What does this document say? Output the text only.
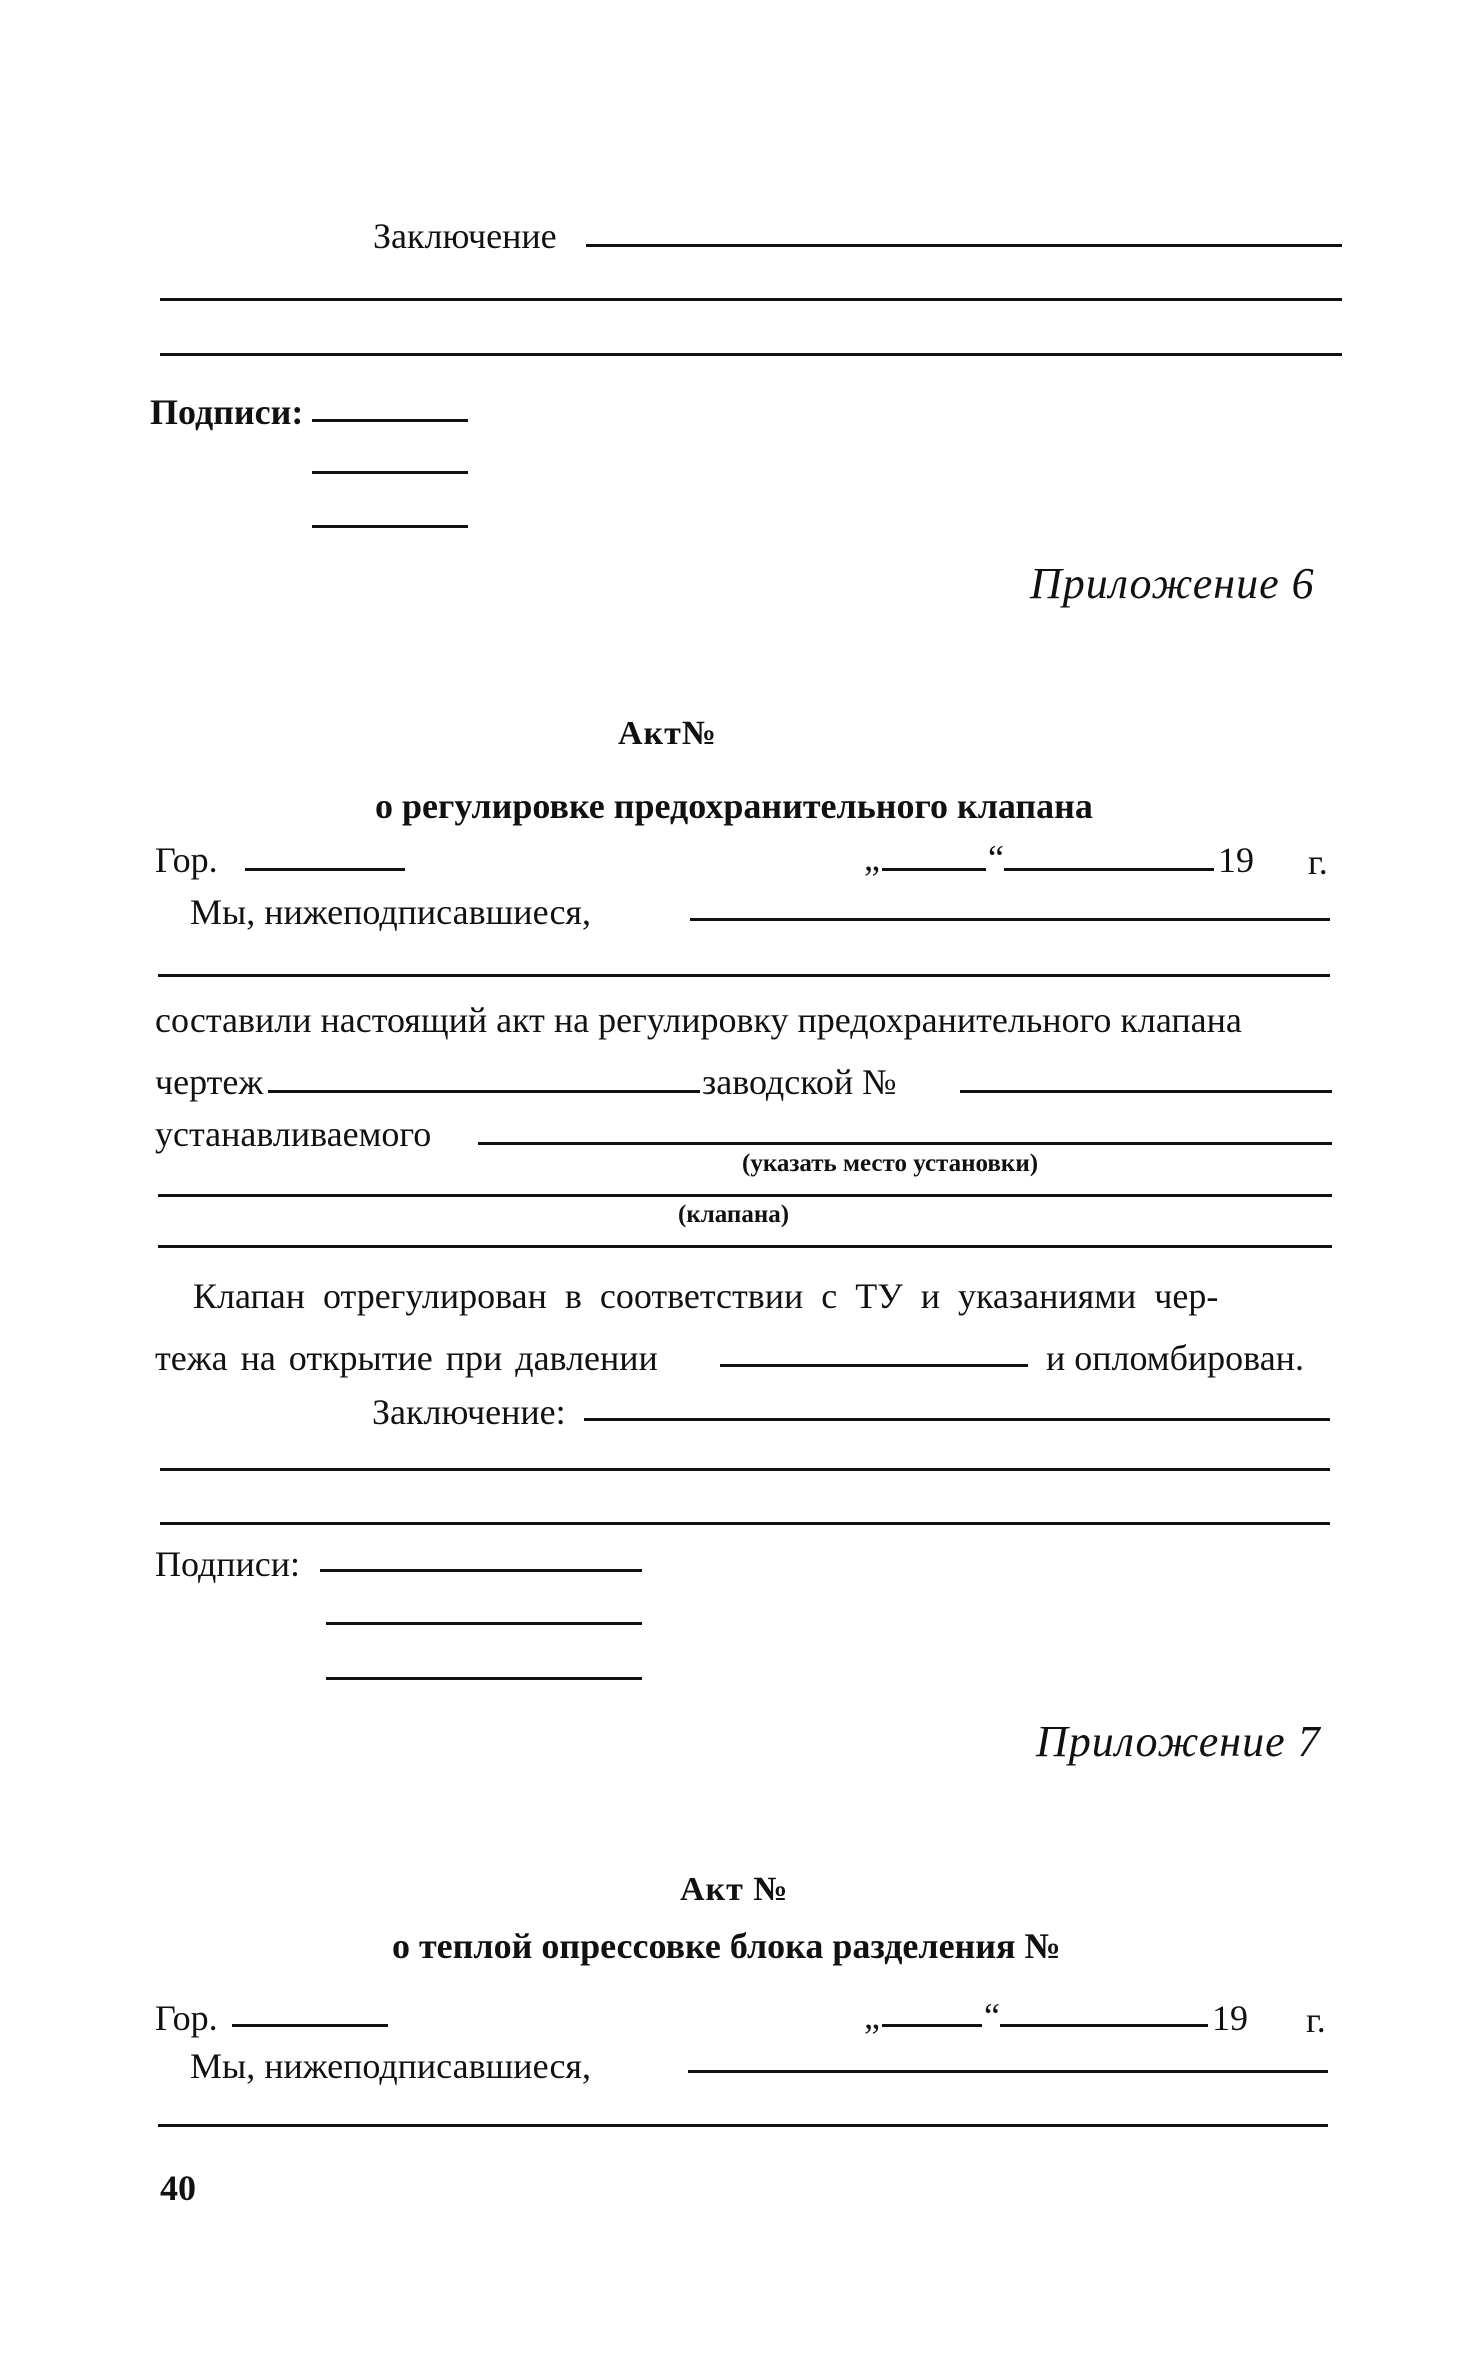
Заключение
Подписи:
Приложение 6
Акт№
о регулировке предохранительного клапана
Гор.	„	“	19 г.
Мы, нижеподписавшиеся,
составили настоящий акт на регулировку предохранительного клапана
чертеж	заводской №
устанавливаемого
(указать место установки)
(клапана)
Клапан отрегулирован в соответствии с ТУ и указаниями чер-
тежа на открытие при давлении	и опломбирован.
Заключение:
Подписи:
Приложение 7
Акт №
о теплой опрессовке блока разделения №
Гор.	„	“	19 г.
Мы, нижеподписавшиеся,
40
